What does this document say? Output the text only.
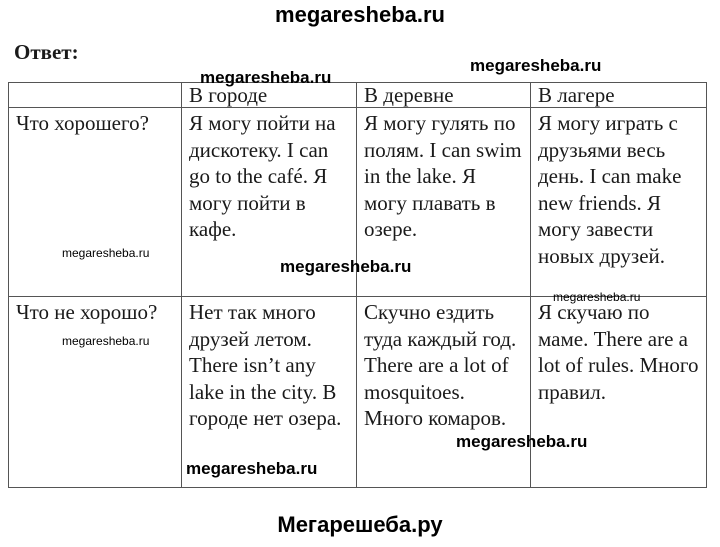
megaresheba.ru
Ответ:
	В городе	В деревне	В лагере
Что хорошего?	Я могу пойти на дискотеку. I can go to the café. Я могу пойти в кафе.	Я могу гулять по полям. I can swim in the lake. Я могу плавать в озере.	Я могу играть с друзьями весь день. I can make new friends. Я могу завести новых друзей.
Что не хорошо?	Нет так много друзей летом. There isn’t any lake in the city. В городе нет озера.	Скучно ездить туда каждый год. There are a lot of mosquitoes. Много комаров.	Я скучаю по маме. There are a lot of rules. Много правил.
megaresheba.ru
megaresheba.ru
megaresheba.ru
megaresheba.ru
megaresheba.ru
megaresheba.ru
megaresheba.ru
megaresheba.ru
Мегарешеба.ру
